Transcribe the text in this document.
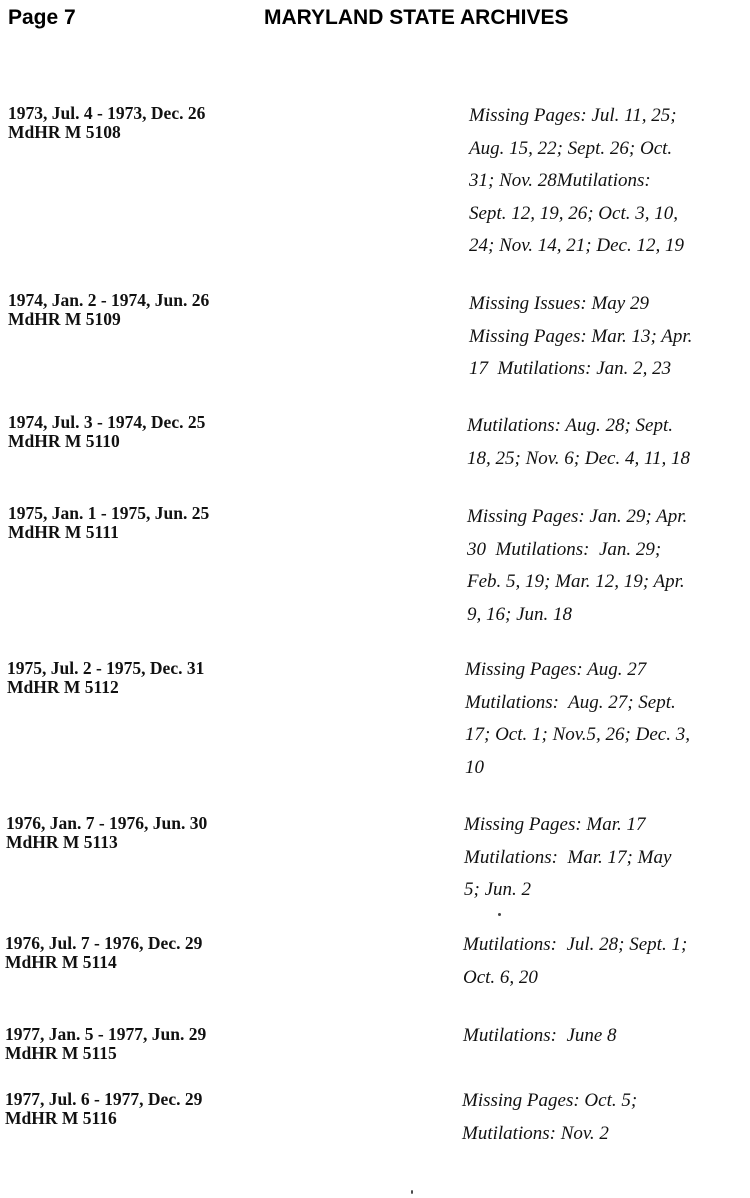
Page 7	MARYLAND STATE ARCHIVES
1973, Jul. 4 - 1973, Dec. 26
MdHR M 5108
Missing Pages: Jul. 11, 25;
Aug. 15, 22; Sept. 26; Oct.
31; Nov. 28Mutilations:
Sept. 12, 19, 26; Oct. 3, 10,
24; Nov. 14, 21; Dec. 12, 19
1974, Jan. 2 - 1974, Jun. 26
MdHR M 5109
Missing Issues: May 29
Missing Pages: Mar. 13; Apr.
17  Mutilations: Jan. 2, 23
1974, Jul. 3 - 1974, Dec. 25
MdHR M 5110
Mutilations: Aug. 28; Sept.
18, 25; Nov. 6; Dec. 4, 11, 18
1975, Jan. 1 - 1975, Jun. 25
MdHR M 5111
Missing Pages: Jan. 29; Apr.
30  Mutilations:  Jan. 29;
Feb. 5, 19; Mar. 12, 19; Apr.
9, 16; Jun. 18
1975, Jul. 2 - 1975, Dec. 31
MdHR M 5112
Missing Pages: Aug. 27
Mutilations:  Aug. 27; Sept.
17; Oct. 1; Nov.5, 26; Dec. 3,
10
1976, Jan. 7 - 1976, Jun. 30
MdHR M 5113
Missing Pages: Mar. 17
Mutilations:  Mar. 17; May
5; Jun. 2
1976, Jul. 7 - 1976, Dec. 29
MdHR M 5114
Mutilations:  Jul. 28; Sept. 1;
Oct. 6, 20
1977, Jan. 5 - 1977, Jun. 29
MdHR M 5115
Mutilations:  June 8
1977, Jul. 6 - 1977, Dec. 29
MdHR M 5116
Missing Pages: Oct. 5;
Mutilations: Nov. 2
